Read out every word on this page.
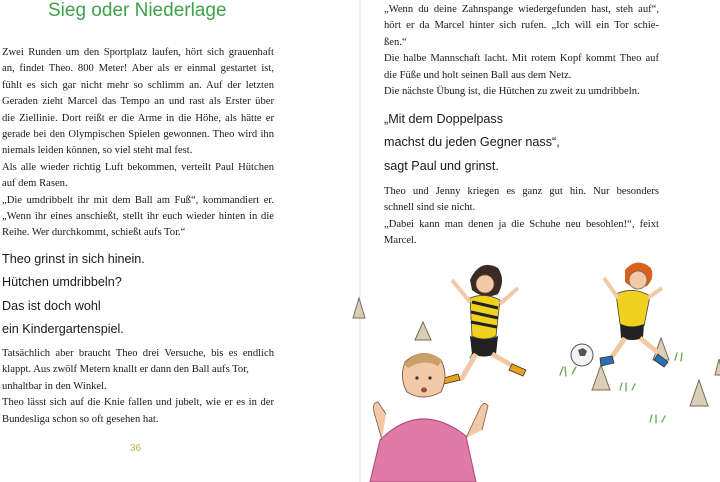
Sieg oder Niederlage

Zwei Runden um den Sportplatz laufen, hört sich grauenhaft
an, findet Theo. 800 Meter! Aber als er einmal gestartet ist,
fühlt es sich gar nicht mehr so schlimm an. Auf der letzten
Geraden zieht Marcel das Tempo an und rast als Erster über
die Ziellinie. Dort reißt er die Arme in die Höhe, als hätte er
gerade bei den Olympischen Spielen gewonnen. Theo wird ihn
niemals leiden können, so viel steht mal fest.
Als alle wieder richtig Luft bekommen, verteilt Paul Hütchen
auf dem Rasen.
„Die umdribbelt ihr mit dem Ball am Fuß“, kommandiert er.
„Wenn ihr eines anschießt, stellt ihr euch wieder hinten in die
Reihe. Wer durchkommt, schießt aufs Tor.“

Theo grinst in sich hinein.
Hütchen umdribbeln?
Das ist doch wohl
ein Kindergartenspiel.

Tatsächlich aber braucht Theo drei Versuche, bis es endlich
klappt. Aus zwölf Metern knallt er dann den Ball aufs Tor,
unhaltbar in den Winkel.
Theo lässt sich auf die Knie fallen und jubelt, wie er es in der
Bundesliga schon so oft gesehen hat.

36

„Wenn du deine Zahnspange wiedergefunden hast, steh auf“,
hört er da Marcel hinter sich rufen. „Ich will ein Tor schie-
ßen.“
Die halbe Mannschaft lacht. Mit rotem Kopf kommt Theo auf
die Füße und holt seinen Ball aus dem Netz.
Die nächste Übung ist, die Hütchen zu zweit zu umdribbeln.

„Mit dem Doppelpass
machst du jeden Gegner nass“,
sagt Paul und grinst.

Theo und Jenny kriegen es ganz gut hin. Nur besonders
schnell sind sie nicht.
„Dabei kann man denen ja die Schuhe neu besohlen!“, feixt
Marcel.
